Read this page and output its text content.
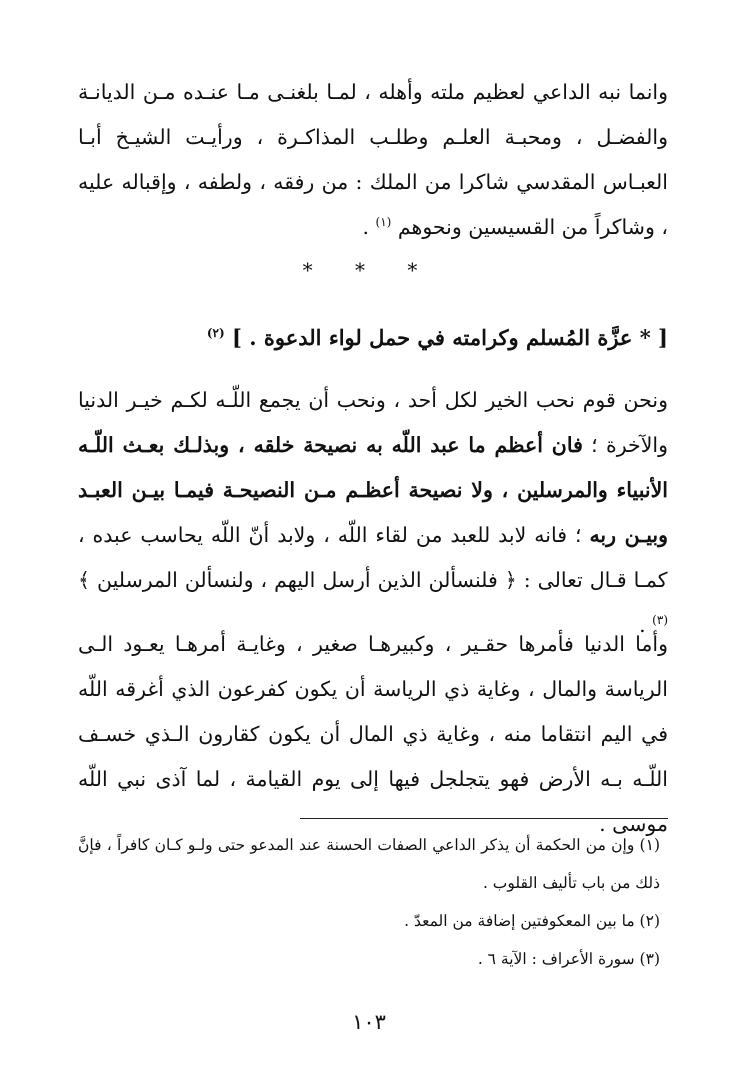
وانما نبه الداعي لعظيم ملته وأهله ، لمـا بلغنـى مـا عنـده مـن الديانـة والفضـل ، ومحبـة العلـم وطلـب المذاكـرة ، ورأيـت الشيـخ أبـا العبـاس المقدسي شاكرا من الملك : من رفقه ، ولطفه ، وإقباله عليه ، وشاكراً من القسيسين ونحوهم $^{(١)}$ .
* * *
[ * عزَّة المُسلم وكرامته في حمل لواء الدعوة . ] $^{(٢)}$
ونحن قوم نحب الخير لكل أحد ، ونحب أن يجمع اللّـه لكـم خيـر الدنيا والآخرة ؛ فان أعظم ما عبد اللّه به نصيحة خلقه ، وبذلـك بعـث اللّـه الأنبياء والمرسلين ، ولا نصيحة أعظـم مـن النصيحـة فيمـا بيـن العبـد وبيـن ربه ؛ فانه لابد للعبد من لقاء اللّه ، ولابد أنّ اللّه يحاسب عبده ، كمـا قـال تعالى : ﴿ فلنسألن الذين أرسل اليهم ، ولنسألن المرسلين ﴾ $^{(٣)}$ .
وأما الدنيا فأمرها حقـير ، وكبيرهـا صغير ، وغايـة أمرهـا يعـود الـى الرياسة والمال ، وغاية ذي الرياسة أن يكون كفرعون الذي أغرقه اللّه في اليم انتقاما منه ، وغاية ذي المال أن يكون كقارون الـذي خسـف اللّـه بـه الأرض فهو يتجلجل فيها إلى يوم القيامة ، لما آذى نبي اللّه موسى .
(١) وإن من الحكمة أن يذكر الداعي الصفات الحسنة عند المدعو حتى ولـو كـان كافراً ، فإنَّ ذلك من باب تأليف القلوب .
(٢) ما بين المعكوفتين إضافة من المعدّ .
(٣) سورة الأعراف : الآية ٦ .
١٠٣
